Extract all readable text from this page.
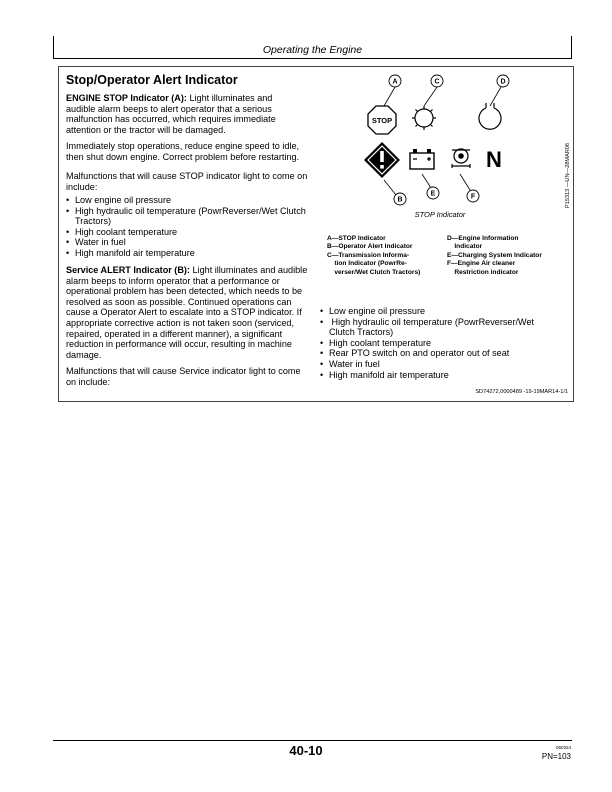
Operating the Engine
Stop/Operator Alert Indicator
ENGINE STOP Indicator (A): Light illuminates and audible alarm beeps to alert operator that a serious malfunction has occurred, which requires immediate attention or the tractor will be damaged.
Immediately stop operations, reduce engine speed to idle, then shut down engine. Correct problem before restarting.
Malfunctions that will cause STOP indicator light to come on include:
• Low engine oil pressure
• High hydraulic oil temperature (PowrReverser/Wet Clutch Tractors)
• High coolant temperature
• Water in fuel
• High manifold air temperature
Service ALERT Indicator (B): Light illuminates and audible alarm beeps to inform operator that a performance or operational problem has been detected, which needs to be resolved as soon as possible. Continued operations can cause a Operator Alert to escalate into a STOP indicator. If appropriate corrective action is not taken soon (serviced, repaired, operated in a different manner), a significant reduction in performance will occur, resulting in machine damage.
Malfunctions that will cause Service indicator light to come on include:
A	C	D
B
E	F
STOP
N	P15313 —UN—28MAR06
STOP Indicator
A—STOP Indicator
B—Operator Alert Indicator
C—Transmission Informa-
tion Indicator (PowrRe-
verser/Wet Clutch Tractors)
D—Engine Information
Indicator
E—Charging System Indicator
F—Engine Air cleaner
Restriction indicator
• Low engine oil pressure
•  High hydraulic oil temperature (PowrReverser/Wet Clutch Tractors)
• High coolant temperature
• Rear PTO switch on and operator out of seat
• Water in fuel
• High manifold air temperature
SD74272,0000489 -19-19MAR14-1/1
40-10	060324
PN=103
